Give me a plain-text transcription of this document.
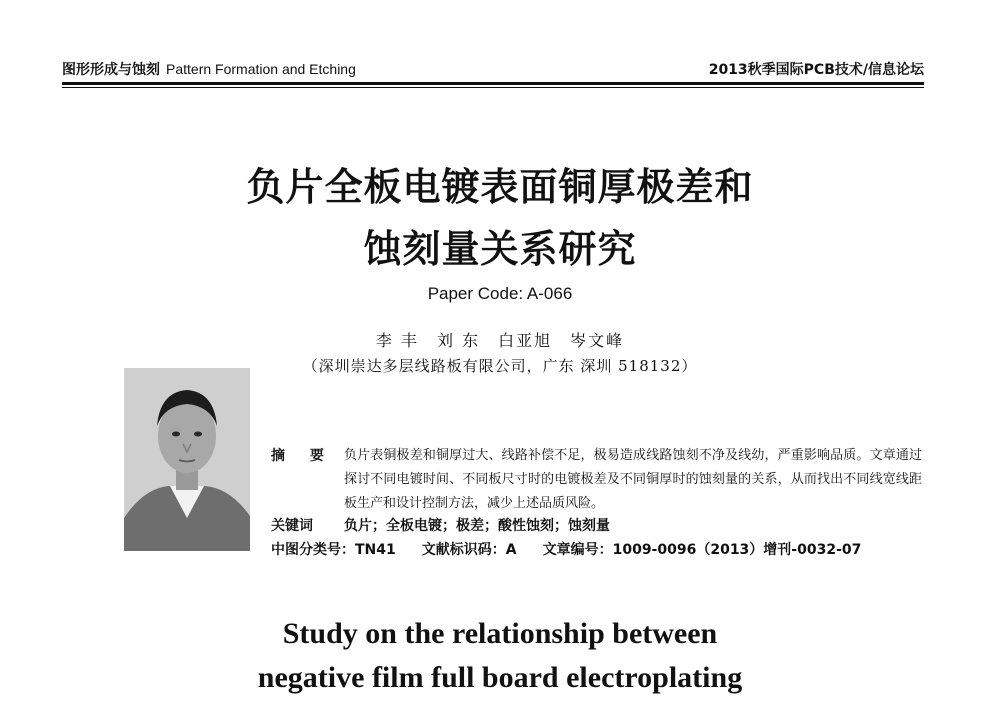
图形形成与蚀刻 Pattern Formation and Etching	2013秋季国际PCB技术/信息论坛
负片全板电镀表面铜厚极差和
蚀刻量关系研究
Paper Code: A-066
李 丰　刘 东　白亚旭　岑文峰
（深圳崇达多层线路板有限公司，广东 深圳 518132）
摘 要 负片表铜极差和铜厚过大、线路补偿不足，极易造成线路蚀刻不净及线幼，严重影响品质。文章通过探讨不同电镀时间、不同板尺寸时的电镀极差及不同铜厚时的蚀刻量的关系，从而找出不同线宽线距板生产和设计控制方法，减少上述品质风险。
关键词 负片；全板电镀；极差；酸性蚀刻；蚀刻量
中图分类号：TN41 文献标识码：A 文章编号：1009-0096（2013）增刊-0032-07
Study on the relationship between
negative film full board electroplating
